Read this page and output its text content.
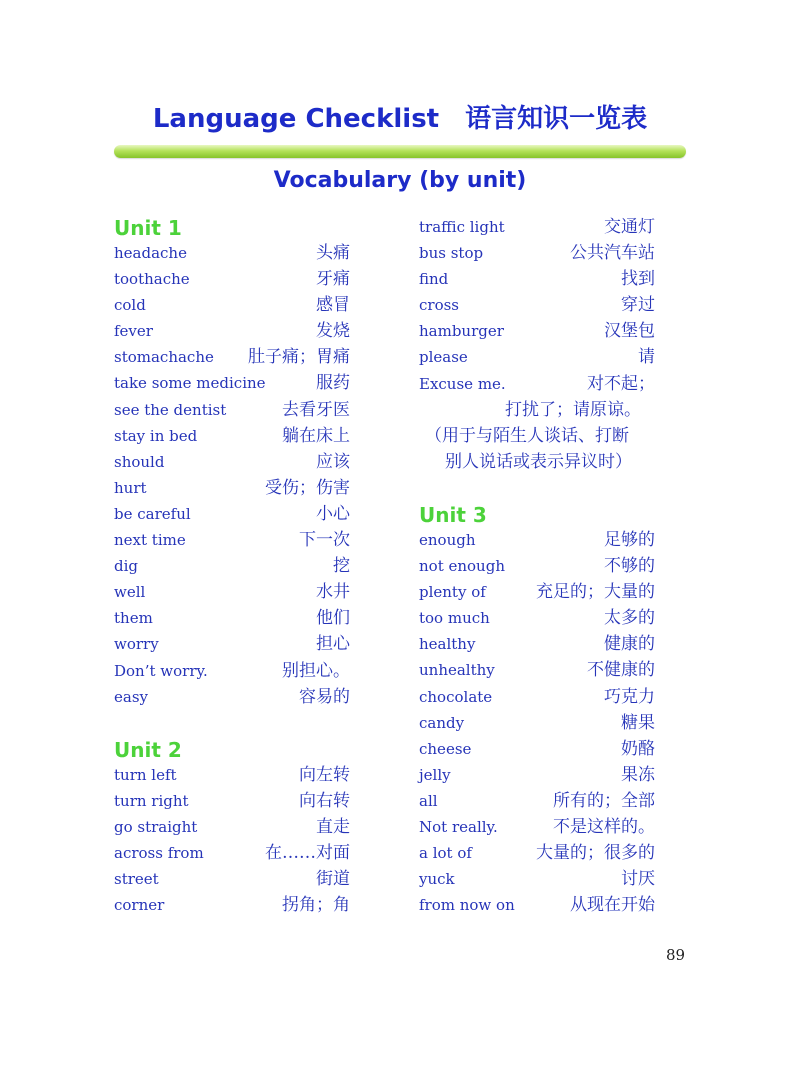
Language Checklist 语言知识一览表
Vocabulary (by unit)
Unit 1
headache	头痛
toothache	牙痛
cold	感冒
fever	发烧
stomachache 肚子痛；胃痛
take some medicine	服药
see the dentist	去看牙医
stay in bed	躺在床上
should	应该
hurt	受伤；伤害
be careful	小心
next time	下一次
dig	挖
well	水井
them	他们
worry	担心
Don’t worry.	别担心。
easy	容易的
Unit 2
turn left	向左转
turn right	向右转
go straight	直走
across from	在……对面
street	街道
corner	拐角；角
traffic light	交通灯
bus stop	公共汽车站
find	找到
cross	穿过
hamburger	汉堡包
please	请
Excuse me.	对不起；
打扰了；请原谅。
（用于与陌生人谈话、打断
别人说话或表示异议时）
Unit 3
enough	足够的
not enough	不够的
plenty of	充足的；大量的
too much	太多的
healthy	健康的
unhealthy	不健康的
chocolate	巧克力
candy	糖果
cheese	奶酪
jelly	果冻
all	所有的；全部
Not really.	不是这样的。
a lot of	大量的；很多的
yuck	讨厌
from now on	从现在开始
89
